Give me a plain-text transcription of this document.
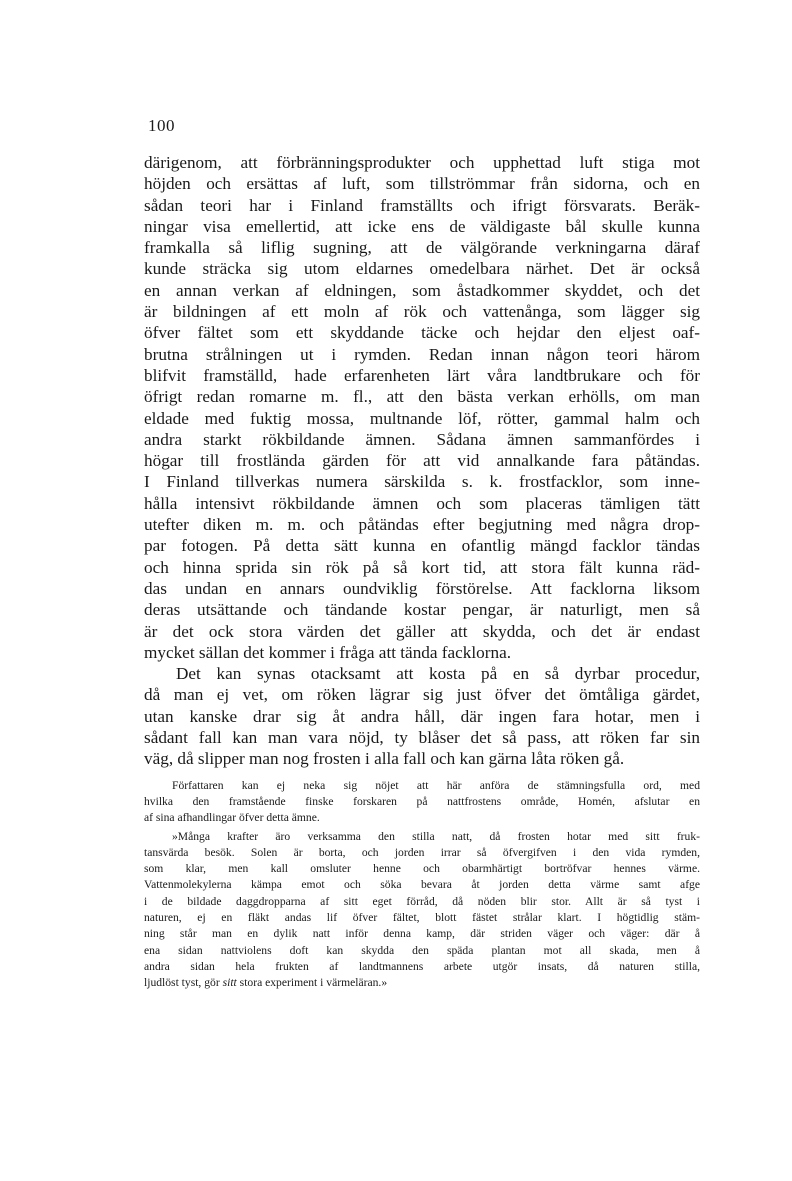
100
därigenom, att förbränningsprodukter och upphettad luft stiga mot
höjden och ersättas af luft, som tillströmmar från sidorna, och en
sådan teori har i Finland framställts och ifrigt försvarats. Beräk-
ningar visa emellertid, att icke ens de väldigaste bål skulle kunna
framkalla så liflig sugning, att de välgörande verkningarna däraf
kunde sträcka sig utom eldarnes omedelbara närhet. Det är också
en annan verkan af eldningen, som åstadkommer skyddet, och det
är bildningen af ett moln af rök och vattenånga, som lägger sig
öfver fältet som ett skyddande täcke och hejdar den eljest oaf-
brutna strålningen ut i rymden. Redan innan någon teori härom
blifvit framställd, hade erfarenheten lärt våra landtbrukare och för
öfrigt redan romarne m. fl., att den bästa verkan erhölls, om man
eldade med fuktig mossa, multnande löf, rötter, gammal halm och
andra starkt rökbildande ämnen. Sådana ämnen sammanfördes i
högar till frostlända gärden för att vid annalkande fara påtändas.
I Finland tillverkas numera särskilda s. k. frostfacklor, som inne-
hålla intensivt rökbildande ämnen och som placeras tämligen tätt
utefter diken m. m. och påtändas efter begjutning med några drop-
par fotogen. På detta sätt kunna en ofantlig mängd facklor tändas
och hinna sprida sin rök på så kort tid, att stora fält kunna räd-
das undan en annars oundviklig förstörelse. Att facklorna liksom
deras utsättande och tändande kostar pengar, är naturligt, men så
är det ock stora värden det gäller att skydda, och det är endast
mycket sällan det kommer i fråga att tända facklorna.
Det kan synas otacksamt att kosta på en så dyrbar procedur,
då man ej vet, om röken lägrar sig just öfver det ömtåliga gärdet,
utan kanske drar sig åt andra håll, där ingen fara hotar, men i
sådant fall kan man vara nöjd, ty blåser det så pass, att röken far sin
väg, då slipper man nog frosten i alla fall och kan gärna låta röken gå.
Författaren kan ej neka sig nöjet att här anföra de stämningsfulla ord, med
hvilka den framstående finske forskaren på nattfrostens område, Homén, afslutar en
af sina afhandlingar öfver detta ämne.
»Många krafter äro verksamma den stilla natt, då frosten hotar med sitt fruk-
tansvärda besök. Solen är borta, och jorden irrar så öfvergifven i den vida rymden,
som klar, men kall omsluter henne och obarmhärtigt bortröfvar hennes värme.
Vattenmolekylerna kämpa emot och söka bevara åt jorden detta värme samt afge
i de bildade daggdropparna af sitt eget förråd, då nöden blir stor. Allt är så tyst i
naturen, ej en fläkt andas lif öfver fältet, blott fästet strålar klart. I högtidlig stäm-
ning står man en dylik natt inför denna kamp, där striden väger och väger: där å
ena sidan nattviolens doft kan skydda den späda plantan mot all skada, men å
andra sidan hela frukten af landtmannens arbete utgör insats, då naturen stilla,
ljudlöst tyst, gör sitt stora experiment i värmeläran.»
